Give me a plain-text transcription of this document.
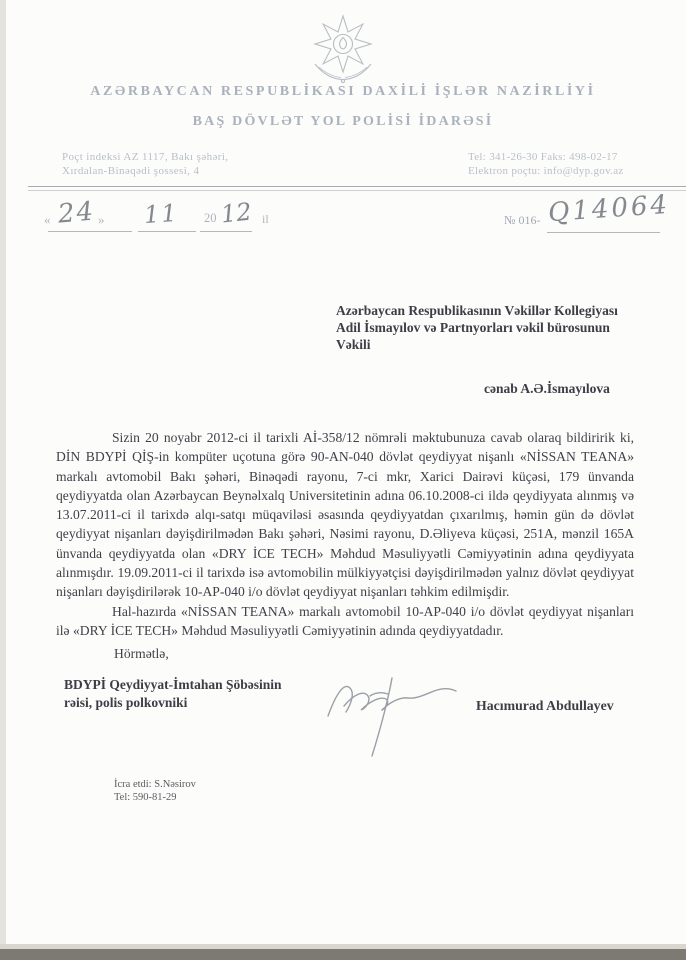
AZƏRBAYCAN RESPUBLİKASI DAXİLİ İŞLƏR NAZİRLİYİ
BAŞ DÖVLƏT YOL POLİSİ İDARƏSİ
Poçt indeksi AZ 1117, Bakı şəhəri,
Xırdalan-Binəqədi şossesi, 4
Tel: 341-26-30 Faks: 498-02-17
Elektron poçtu: info@dyp.gov.az
« 24 » 11 20 12 il	№ 016- Q14064
Azərbaycan Respublikasının Vəkillər Kollegiyası
Adil İsmayılov və Partnyorları vəkil bürosunun
Vəkili
cənab A.Ə.İsmayılova

Sizin 20 noyabr 2012-ci il tarixli Aİ-358/12 nömrəli məktubunuza cavab olaraq bildiririk ki, DİN BDYPİ QİŞ-in kompüter uçotuna görə 90-AN-040 dövlət qeydiyyat nişanlı «NİSSAN TEANA» markalı avtomobil Bakı şəhəri, Binəqədi rayonu, 7-ci mkr, Xarici Dairəvi küçəsi, 179 ünvanda qeydiyyatda olan Azərbaycan Beynəlxalq Universitetinin adına 06.10.2008-ci ildə qeydiyyata alınmış və 13.07.2011-ci il tarixdə alqı-satqı müqaviləsi əsasında qeydiyyatdan çıxarılmış, həmin gün də dövlət qeydiyyat nişanları dəyişdirilmədən Bakı şəhəri, Nəsimi rayonu, D.Əliyeva küçəsi, 251A, mənzil 165A ünvanda qeydiyyatda olan «DRY İCE TECH» Məhdud Məsuliyyətli Cəmiyyətinin adına qeydiyyata alınmışdır. 19.09.2011-ci il tarixdə isə avtomobilin mülkiyyətçisi dəyişdirilmədən yalnız dövlət qeydiyyat nişanları dəyişdirilərək 10-AP-040 i/o dövlət qeydiyyat nişanları təhkim edilmişdir.

Hal-hazırda «NİSSAN TEANA» markalı avtomobil 10-AP-040 i/o dövlət qeydiyyat nişanları ilə «DRY İCE TECH» Məhdud Məsuliyyətli Cəmiyyətinin adında qeydiyyatdadır.

Hörmətlə,
BDYPİ Qeydiyyat-İmtahan Şöbəsinin
rəisi, polis polkovniki	Hacımurad Abdullayev
İcra etdi: S.Nəsirov
Tel: 590-81-29
